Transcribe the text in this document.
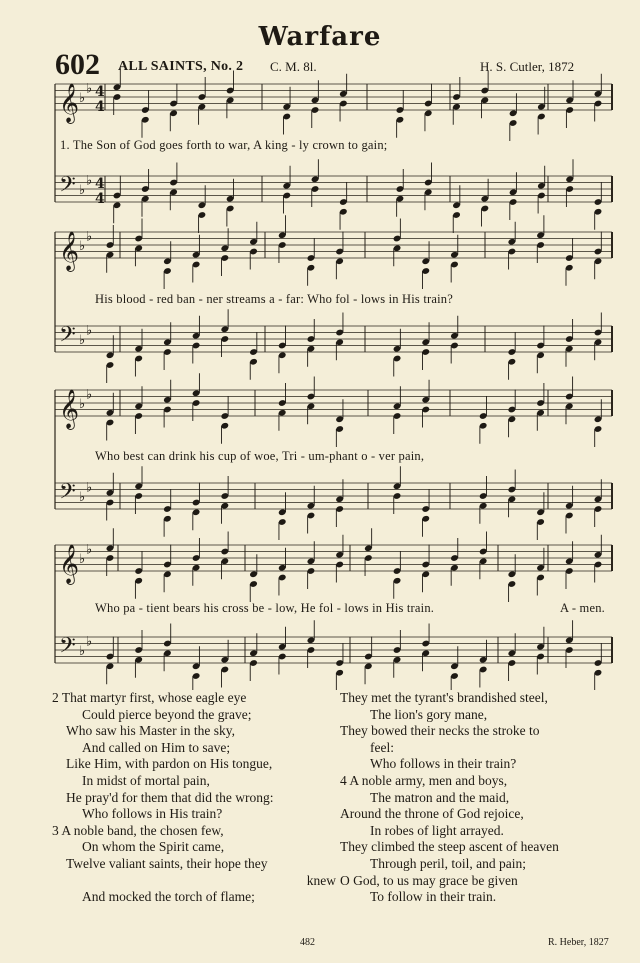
Warfare
602 ALL SAINTS, No. 2 C. M. 8l.	H. S. Cutler, 1872
𝄞 ♭
♭ 4
4
𝄢 ♭
♭ 4
4
𝄞 ♭
♭
𝄢 ♭
♭
𝄞 ♭
♭
𝄢 ♭
♭
𝄞 ♭
♭
𝄢 ♭
♭
1. The Son of God goes forth to war, A king - ly crown to gain;
His blood - red ban - ner streams a - far: Who fol - lows in His train?
Who best can drink his cup of woe, Tri - um-phant o - ver pain,
Who pa - tient bears his cross be - low, He fol - lows in His train.	A - men.
2 That martyr first, whose eagle eye
Could pierce beyond the grave;
Who saw his Master in the sky,
And called on Him to save;
Like Him, with pardon on His tongue,
In midst of mortal pain,
He pray'd for them that did the wrong:
Who follows in His train?
3 A noble band, the chosen few,
On whom the Spirit came,
Twelve valiant saints, their hope they
knew
And mocked the torch of flame;
They met the tyrant's brandished steel,
The lion's gory mane,
They bowed their necks the stroke to
feel:
Who follows in their train?
4 A noble army, men and boys,
The matron and the maid,
Around the throne of God rejoice,
In robes of light arrayed.
They climbed the steep ascent of heaven
Through peril, toil, and pain;
O God, to us may grace be given
To follow in their train.
482	R. Heber, 1827
